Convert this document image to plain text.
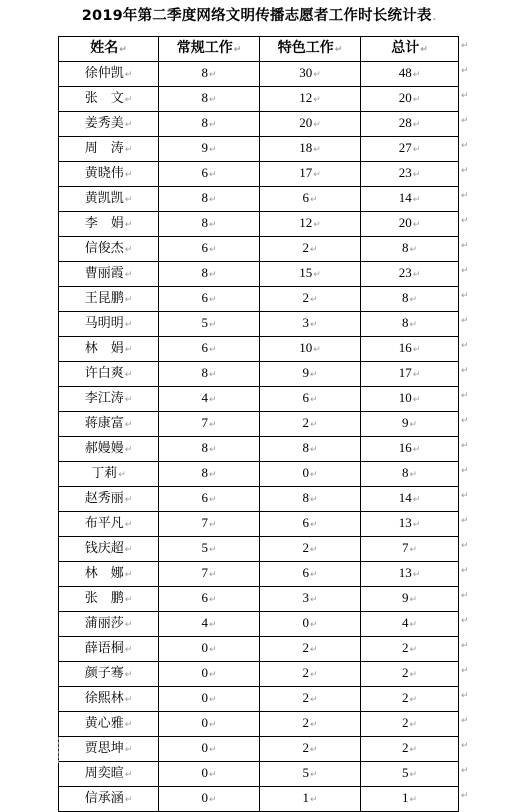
2019年第二季度网络文明传播志愿者工作时长统计表.
姓名↵	常规工作↵	特色工作↵	总计↵
徐仲凯↵	8↵	30↵	48↵
张　文↵	8↵	12↵	20↵
姜秀美↵	8↵	20↵	28↵
周　涛↵	9↵	18↵	27↵
黄晓伟↵	6↵	17↵	23↵
黄凯凯↵	8↵	6↵	14↵
李　娟↵	8↵	12↵	20↵
信俊杰↵	6↵	2↵	8↵
曹丽霞↵	8↵	15↵	23↵
王昆鹏↵	6↵	2↵	8↵
马明明↵	5↵	3↵	8↵
林　娟↵	6↵	10↵	16↵
许白爽↵	8↵	9↵	17↵
李江涛↵	4↵	6↵	10↵
蒋康富↵	7↵	2↵	9↵
郝嫚嫚↵	8↵	8↵	16↵
丁莉↵	8↵	0↵	8↵
赵秀丽↵	6↵	8↵	14↵
布平凡↵	7↵	6↵	13↵
钱庆超↵	5↵	2↵	7↵
林　娜↵	7↵	6↵	13↵
张　鹏↵	6↵	3↵	9↵
蒲丽莎↵	4↵	0↵	4↵
薛语桐↵	0↵	2↵	2↵
颜子骞↵	0↵	2↵	2↵
徐熙林↵	0↵	2↵	2↵
黄心雅↵	0↵	2↵	2↵
贾思坤↵	0↵	2↵	2↵
周奕暄↵	0↵	5↵	5↵
信承涵↵	0↵	1↵	1↵
↵
↵
↵
↵
↵
↵
↵
↵
↵
↵
↵
↵
↵
↵
↵
↵
↵
↵
↵
↵
↵
↵
↵
↵
↵
↵
↵
↵
↵
↵
↵
